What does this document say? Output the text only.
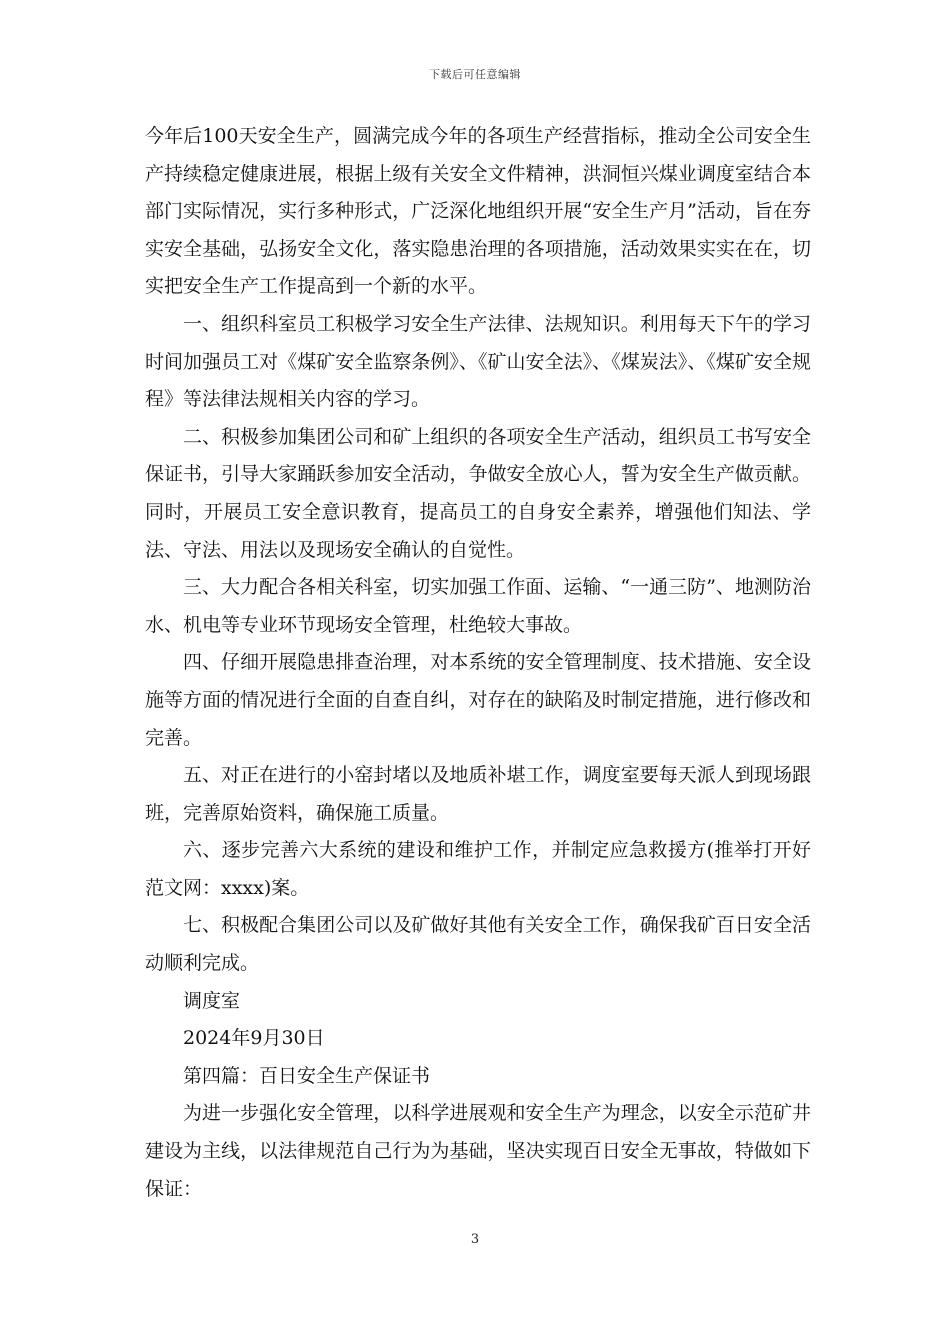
下载后可任意编辑

今年后100天安全生产，圆满完成今年的各项生产经营指标，推动全公司安全生产持续稳定健康进展，根据上级有关安全文件精神，洪洞恒兴煤业调度室结合本部门实际情况，实行多种形式，广泛深化地组织开展“安全生产月”活动，旨在夯实安全基础，弘扬安全文化，落实隐患治理的各项措施，活动效果实实在在，切实把安全生产工作提高到一个新的水平。

一、组织科室员工积极学习安全生产法律、法规知识。利用每天下午的学习时间加强员工对《煤矿安全监察条例》、《矿山安全法》、《煤炭法》、《煤矿安全规程》等法律法规相关内容的学习。

二、积极参加集团公司和矿上组织的各项安全生产活动，组织员工书写安全保证书，引导大家踊跃参加安全活动，争做安全放心人，誓为安全生产做贡献。同时，开展员工安全意识教育，提高员工的自身安全素养，增强他们知法、学法、守法、用法以及现场安全确认的自觉性。

三、大力配合各相关科室，切实加强工作面、运输、“一通三防”、地测防治水、机电等专业环节现场安全管理，杜绝较大事故。

四、仔细开展隐患排查治理，对本系统的安全管理制度、技术措施、安全设施等方面的情况进行全面的自查自纠，对存在的缺陷及时制定措施，进行修改和完善。

五、对正在进行的小窑封堵以及地质补堪工作，调度室要每天派人到现场跟班，完善原始资料，确保施工质量。

六、逐步完善六大系统的建设和维护工作，并制定应急救援方(推举打开好范文网：xxxx)案。

七、积极配合集团公司以及矿做好其他有关安全工作，确保我矿百日安全活动顺利完成。

调度室

2024年9月30日

第四篇：百日安全生产保证书

为进一步强化安全管理，以科学进展观和安全生产为理念，以安全示范矿井建设为主线，以法律规范自己行为为基础，坚决实现百日安全无事故，特做如下保证：

3
